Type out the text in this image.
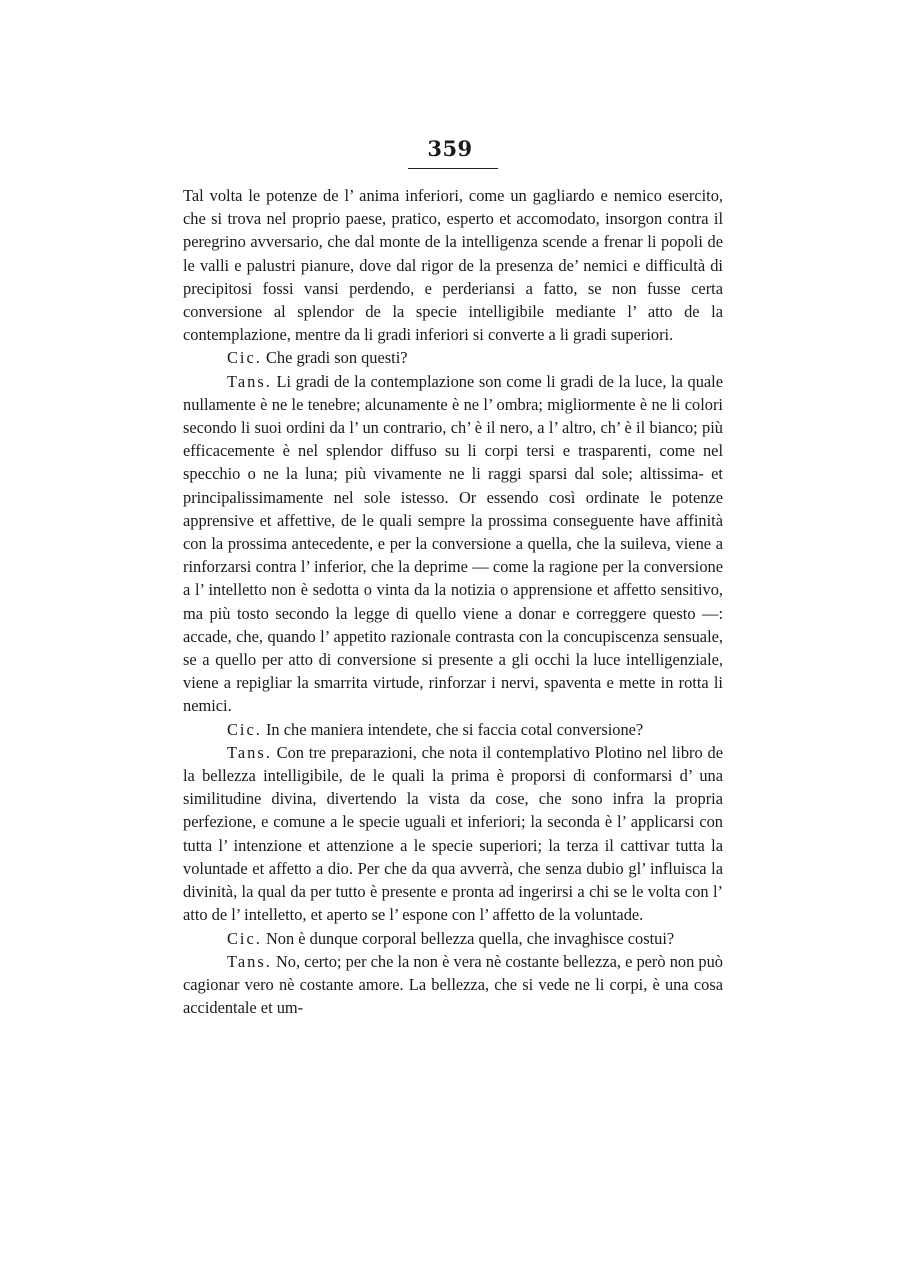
359

Tal volta le potenze de l’ anima inferiori, come un gagliardo e nemico esercito, che si trova nel proprio paese, pratico, esperto et accomodato, insorgon contra il peregrino avversario, che dal monte de la intelligenza scende a frenar li popoli de le valli e palustri pianure, dove dal rigor de la presenza de’ nemici e difficultà di precipitosi fossi vansi perdendo, e perderiansi a fatto, se non fusse certa conversione al splendor de la specie intelligibile mediante l’ atto de la contemplazione, mentre da li gradi inferiori si converte a li gradi superiori.

Cic. Che gradi son questi?

Tans. Li gradi de la contemplazione son come li gradi de la luce, la quale nullamente è ne le tenebre; alcunamente è ne l’ ombra; migliormente è ne li colori secondo li suoi ordini da l’ un contrario, ch’ è il nero, a l’ altro, ch’ è il bianco; più efficacemente è nel splendor diffuso su li corpi tersi e trasparenti, come nel specchio o ne la luna; più vivamente ne li raggi sparsi dal sole; altissima- et principalissimamente nel sole istesso. Or essendo così ordinate le potenze apprensive et affettive, de le quali sempre la prossima conseguente have affinità con la prossima antecedente, e per la conversione a quella, che la suileva, viene a rinforzarsi contra l’ inferior, che la deprime — come la ragione per la conversione a l’ intelletto non è sedotta o vinta da la notizia o apprensione et affetto sensitivo, ma più tosto secondo la legge di quello viene a donar e correggere questo —: accade, che, quando l’ appetito razionale contrasta con la concupiscenza sensuale, se a quello per atto di conversione si presente a gli occhi la luce intelligenziale, viene a repigliar la smarrita virtude, rinforzar i nervi, spaventa e mette in rotta li nemici.

Cic. In che maniera intendete, che si faccia cotal conversione?

Tans. Con tre preparazioni, che nota il contemplativo Plotino nel libro de la bellezza intelligibile, de le quali la prima è proporsi di conformarsi d’ una similitudine divina, divertendo la vista da cose, che sono infra la propria perfezione, e comune a le specie uguali et inferiori; la seconda è l’ applicarsi con tutta l’ intenzione et attenzione a le specie superiori; la terza il cattivar tutta la voluntade et affetto a dio. Per che da qua avverrà, che senza dubio gl’ influisca la divinità, la qual da per tutto è presente e pronta ad ingerirsi a chi se le volta con l’ atto de l’ intelletto, et aperto se l’ espone con l’ affetto de la voluntade.

Cic. Non è dunque corporal bellezza quella, che invaghisce costui?

Tans. No, certo; per che la non è vera nè costante bellezza, e però non può cagionar vero nè costante amore. La bellezza, che si vede ne li corpi, è una cosa accidentale et um-
